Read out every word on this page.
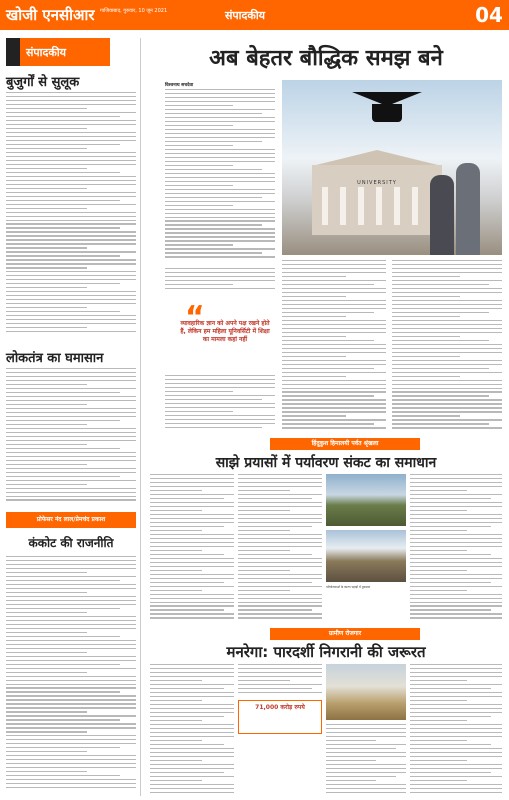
खोजी एनसीआर गाजियाबाद, गुरुवार, 10 जून 2021	संपादकीय	04
संपादकीय
बुजुर्गों से सुलूक
लोकतंत्र का घमासान
प्रोफेसर नंद लाल/प्रेमचंद प्रकाश
कंकोट की राजनीति
अब बेहतर बौद्धिक समझ बने
विश्वनाथ सचदेवा
UNIVERSITY
“
व्यावहारिक ज्ञान को अपने पक्ष रखने होते हैं, लेकिन हम महिला यूनिवर्सिटी में शिक्षा का मामला कहां नहीं
हिंदुकुश हिमालयी पर्वत श्रृंखला
साझे प्रयासों में पर्यावरण संकट का समाधान
परियोजनाओं के कारण पहाड़ों में नुकसान
ग्रामीण रोजगार
मनरेगा: पारदर्शी निगरानी की जरूरत
71,000 करोड़ रुपये
